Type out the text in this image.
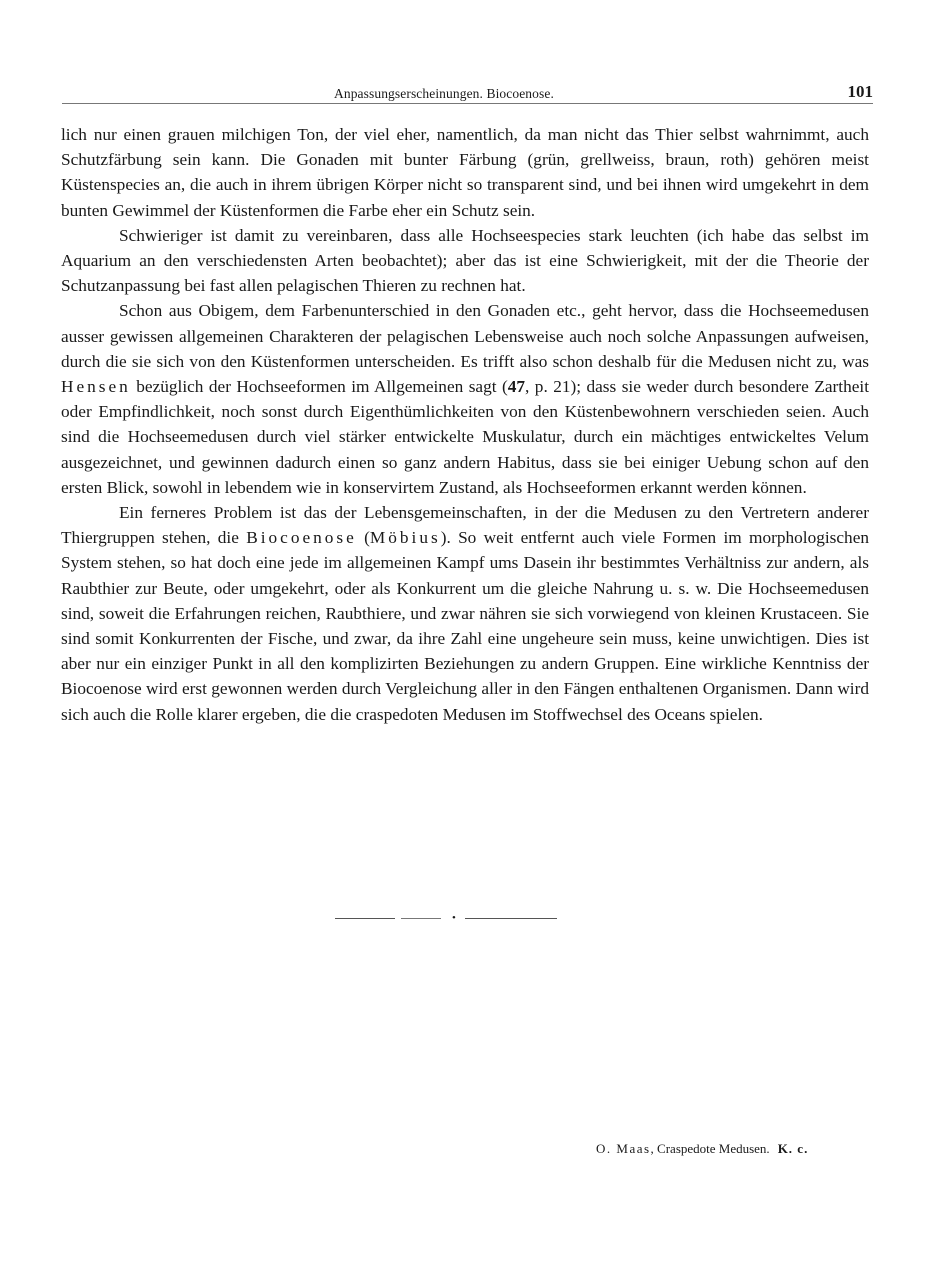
Anpassungserscheinungen. Biocoenose.	101

lich nur einen grauen milchigen Ton, der viel eher, namentlich, da man nicht das Thier selbst wahrnimmt, auch Schutzfärbung sein kann. Die Gonaden mit bunter Färbung (grün, grellweiss, braun, roth) gehören meist Küstenspecies an, die auch in ihrem übrigen Körper nicht so transparent sind, und bei ihnen wird umgekehrt in dem bunten Gewimmel der Küstenformen die Farbe eher ein Schutz sein.

Schwieriger ist damit zu vereinbaren, dass alle Hochseespecies stark leuchten (ich habe das selbst im Aquarium an den verschiedensten Arten beobachtet); aber das ist eine Schwierigkeit, mit der die Theorie der Schutzanpassung bei fast allen pelagischen Thieren zu rechnen hat.

Schon aus Obigem, dem Farbenunterschied in den Gonaden etc., geht hervor, dass die Hochseemedusen ausser gewissen allgemeinen Charakteren der pelagischen Lebensweise auch noch solche Anpassungen aufweisen, durch die sie sich von den Küstenformen unterscheiden. Es trifft also schon deshalb für die Medusen nicht zu, was Hensen bezüglich der Hochseeformen im Allgemeinen sagt (47, p. 21); dass sie weder durch besondere Zartheit oder Empfindlichkeit, noch sonst durch Eigenthümlichkeiten von den Küstenbewohnern verschieden seien. Auch sind die Hochseemedusen durch viel stärker entwickelte Muskulatur, durch ein mächtiges entwickeltes Velum ausgezeichnet, und gewinnen dadurch einen so ganz andern Habitus, dass sie bei einiger Uebung schon auf den ersten Blick, sowohl in lebendem wie in konservirtem Zustand, als Hochseeformen erkannt werden können.

Ein ferneres Problem ist das der Lebensgemeinschaften, in der die Medusen zu den Vertretern anderer Thiergruppen stehen, die Biocoenose (Möbius). So weit entfernt auch viele Formen im morphologischen System stehen, so hat doch eine jede im allgemeinen Kampf ums Dasein ihr bestimmtes Verhältniss zur andern, als Raubthier zur Beute, oder umgekehrt, oder als Konkurrent um die gleiche Nahrung u. s. w. Die Hochseemedusen sind, soweit die Erfahrungen reichen, Raubthiere, und zwar nähren sie sich vorwiegend von kleinen Krustaceen. Sie sind somit Konkurrenten der Fische, und zwar, da ihre Zahl eine ungeheure sein muss, keine unwichtigen. Dies ist aber nur ein einziger Punkt in all den komplizirten Beziehungen zu andern Gruppen. Eine wirkliche Kenntniss der Biocoenose wird erst gewonnen werden durch Vergleichung aller in den Fängen enthaltenen Organismen. Dann wird sich auch die Rolle klarer ergeben, die die craspedoten Medusen im Stoffwechsel des Oceans spielen.

•
O. Maas, Craspedote Medusen. K. c.
